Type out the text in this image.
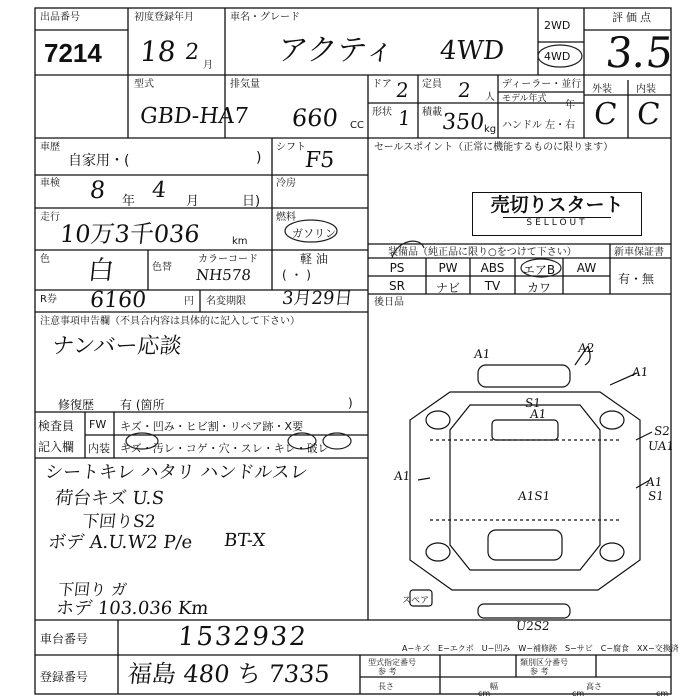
出品番号
7214
初度登録年月
18 2
月
車名・グレード
アクティ 4WD
2WD
4WD
評価点
3.5
外装 内装
C C
型式
GBD-HA7
排気量
660 CC
ドア 2 定員 2 人
形状 1 積載
350
kg
ディーラー・並行
モデル年式
年
ハンドル 左・右
車歴
自家用・(	)
シフト
F5
車検 8 年 4 月	日)
冷房
走行
10万3千036	km
燃料
ガソリン
軽 油
( ・ )
色 白	色替
カラーコード
NH578
R券 6160	円 名変期限 3月29日
セールスポイント（正常に機能するものに限ります）
売切りスタート
SELLOUT
装備品（純正品に限り○をつけて下さい）	新車保証書
有・無
PS	PW	ABS	エアB	AW
SR	ナビ	TV	カワ
後日品
注意事項申告欄（不具合内容は具体的に記入して下さい）
ナンバー応談
修復歴 有 (箇所	)
検査員
記入欄
FW キズ・凹み・ヒビ割・リペア跡・X要
内装 キズ・汚レ・コゲ・穴・スレ・キレ・破レ
シートキレ ハタリ ハンドルスレ
荷台キズ U.S
下回りS2
ボデ A.U.W2 P/e BT-X
下回り ガ
ホデ 103.036 Km
A1	A2
A1
S1
A1
S2
UA1
A1
A1S1
A1
S1
U2S2
スペア
A−キズ　E−エクボ　U−凹み　W−補修跡　S−サビ　C−腐食　XX−交換済
車台番号	1532932
登録番号 福島 480 ち 7335	型式指定番号
参 考
類別区分番号
参 考
長さ	幅	高さ
cm	cm	cm
